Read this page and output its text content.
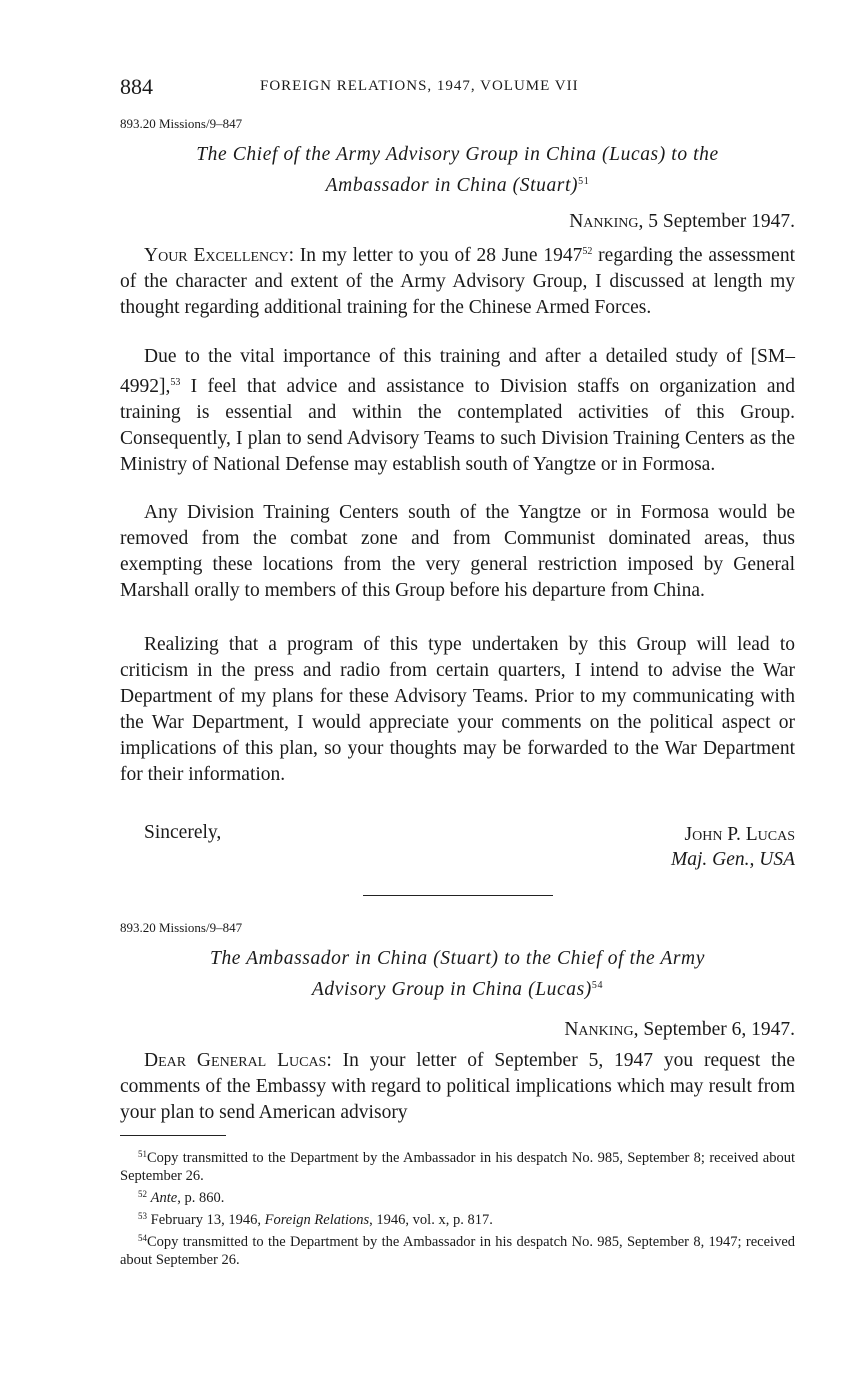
884	FOREIGN RELATIONS, 1947, VOLUME VII
893.20 Missions/9–847
The Chief of the Army Advisory Group in China (Lucas) to the
Ambassador in China (Stuart)$^{51}$
Nanking, 5 September 1947.

Your Excellency: In my letter to you of 28 June 1947$^{52}$ regarding the assessment of the character and extent of the Army Advisory Group, I discussed at length my thought regarding additional training for the Chinese Armed Forces.

Due to the vital importance of this training and after a detailed study of [SM–4992],$^{53}$ I feel that advice and assistance to Division staffs on organization and training is essential and within the contemplated activities of this Group. Consequently, I plan to send Advisory Teams to such Division Training Centers as the Ministry of National Defense may establish south of Yangtze or in Formosa.

Any Division Training Centers south of the Yangtze or in Formosa would be removed from the combat zone and from Communist dominated areas, thus exempting these locations from the very general restriction imposed by General Marshall orally to members of this Group before his departure from China.

Realizing that a program of this type undertaken by this Group will lead to criticism in the press and radio from certain quarters, I intend to advise the War Department of my plans for these Advisory Teams. Prior to my communicating with the War Department, I would appreciate your comments on the political aspect or implications of this plan, so your thoughts may be forwarded to the War Department for their information.

Sincerely,	John P. Lucas
Maj. Gen., USA
893.20 Missions/9–847
The Ambassador in China (Stuart) to the Chief of the Army
Advisory Group in China (Lucas)$^{54}$
Nanking, September 6, 1947.

Dear General Lucas: In your letter of September 5, 1947 you request the comments of the Embassy with regard to political implications which may result from your plan to send American advisory

$^{51}$Copy transmitted to the Department by the Ambassador in his despatch No. 985, September 8; received about September 26.

$^{52}$ Ante, p. 860.

$^{53}$ February 13, 1946, Foreign Relations, 1946, vol. x, p. 817.

$^{54}$Copy transmitted to the Department by the Ambassador in his despatch No. 985, September 8, 1947; received about September 26.
